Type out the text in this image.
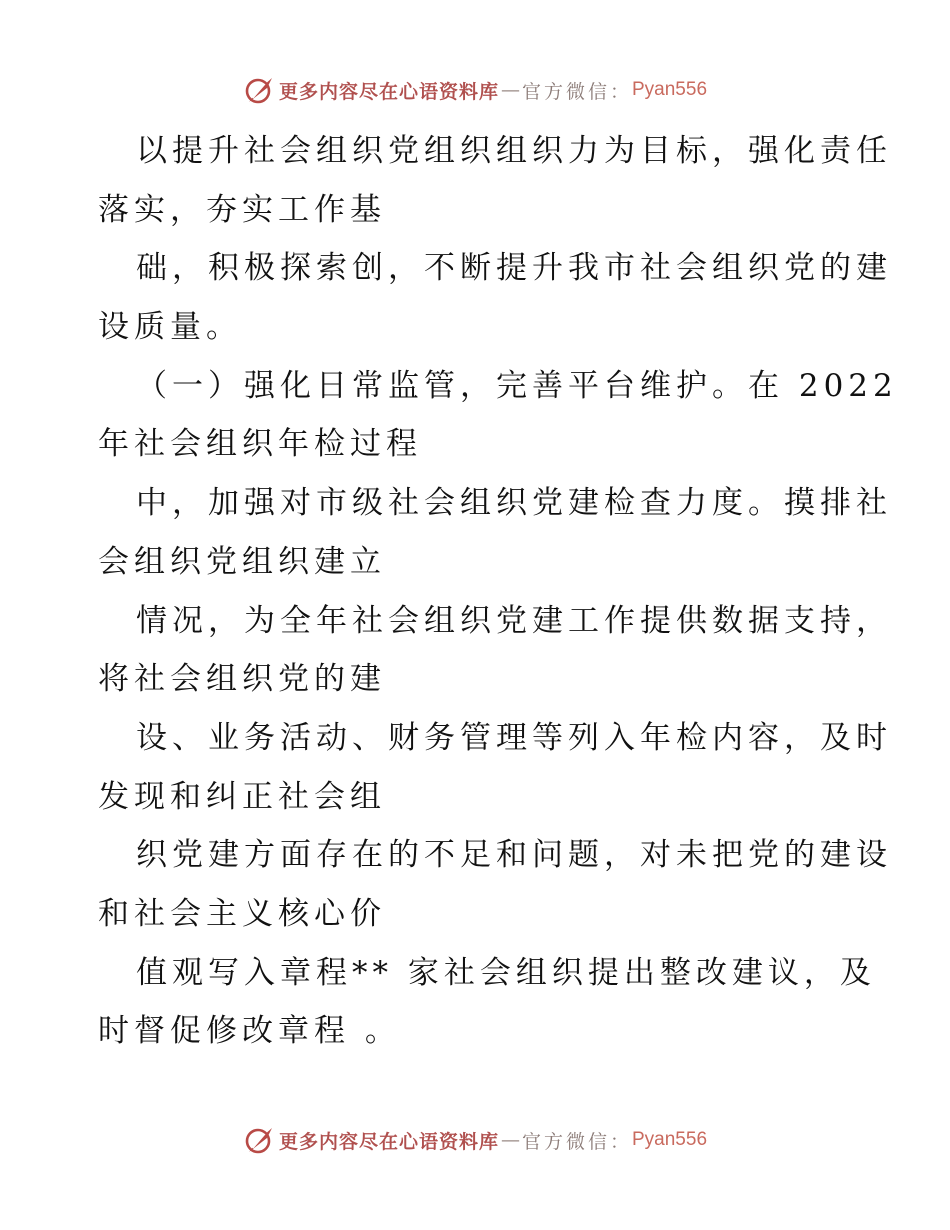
更多内容尽在心语资料库 — 官方微信： Pyan556
以提升社会组织党组织组织力为目标，强化责任
落实，夯实工作基
础，积极探索创，不断提升我市社会组织党的建
设质量。
（一）强化日常监管，完善平台维护。在 2022
年社会组织年检过程
中，加强对市级社会组织党建检查力度。摸排社
会组织党组织建立
情况，为全年社会组织党建工作提供数据支持，
将社会组织党的建
设、业务活动、财务管理等列入年检内容，及时
发现和纠正社会组
织党建方面存在的不足和问题，对未把党的建设
和社会主义核心价
值观写入章程** 家社会组织提出整改建议，及
时督促修改章程 。
更多内容尽在心语资料库 — 官方微信： Pyan556
